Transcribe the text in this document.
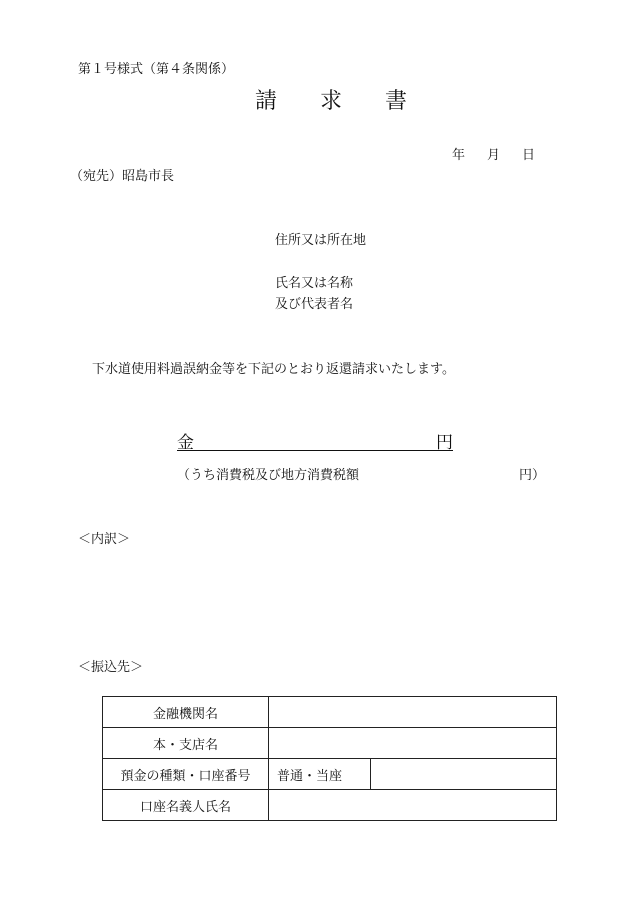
第１号様式（第４条関係）
請 求 書
年 月 日
（宛先）昭島市長
住所又は所在地
氏名又は名称
及び代表者名
下水道使用料過誤納金等を下記のとおり返還請求いたします。
金	円
（うち消費税及び地方消費税額	円）
＜内訳＞
＜振込先＞
金融機関名		
本・支店名		
預金の種類・口座番号	普通・当座	
口座名義人氏名		
